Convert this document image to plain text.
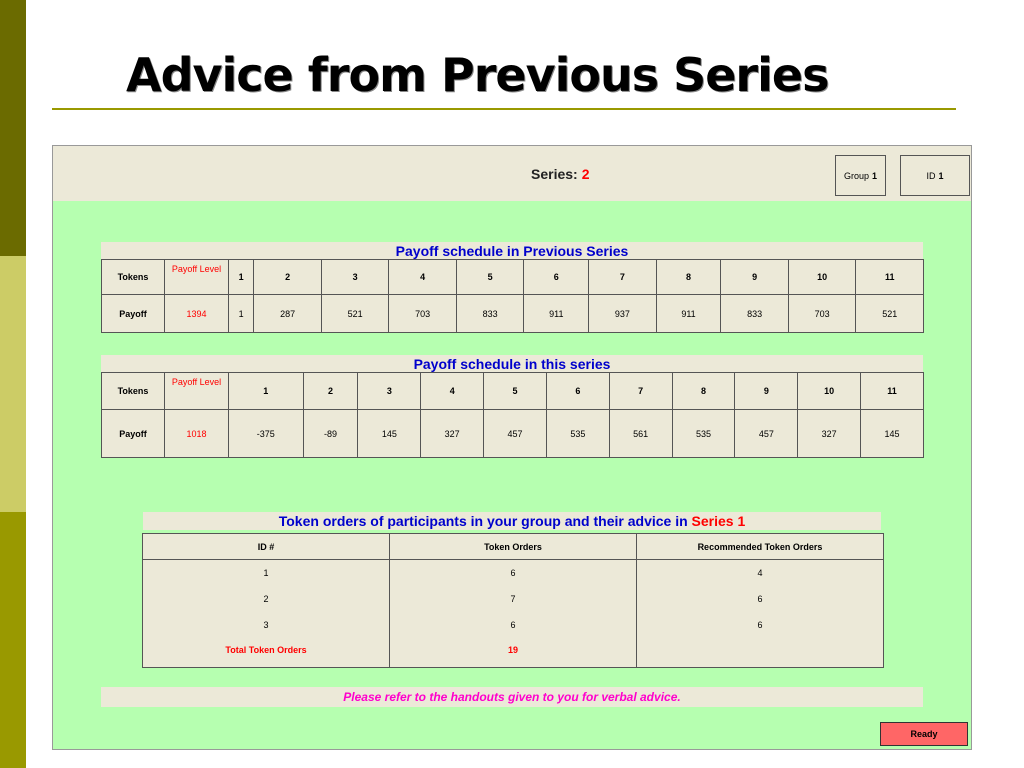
Advice from Previous Series
Series: 2	Group 1	ID 1
Payoff schedule in Previous Series
Tokens	Payoff Level	1	2	3	4	5	6	7	8	9	10	11
Payoff	1394	1	287	521	703	833	911	937	911	833	703	521
Payoff schedule in this series
Tokens	Payoff Level	1	2	3	4	5	6	7	8	9	10	11
Payoff	1018	-375	-89	145	327	457	535	561	535	457	327	145
Token orders of participants in your group and their advice in Series 1
ID #	Token Orders	Recommended Token Orders
1	6	4
2	7	6
3	6	6
Total Token Orders	19	
Please refer to the handouts given to you for verbal advice.
Ready
